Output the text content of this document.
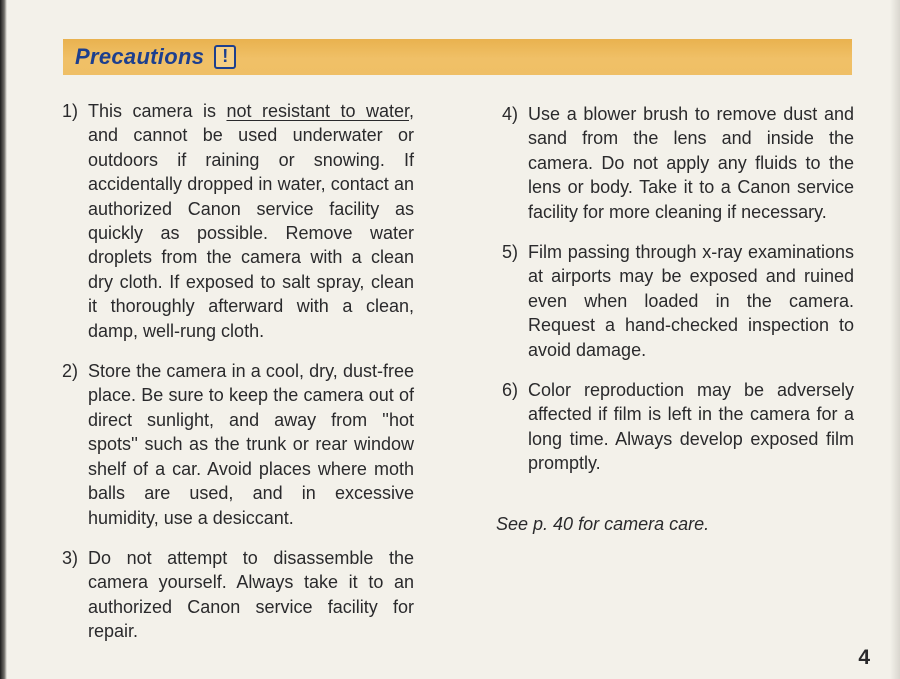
Precautions	!
1) This camera is not resistant to water, and cannot be used underwater or outdoors if raining or snowing. If accidentally dropped in water, contact an authorized Canon service facility as quickly as possible. Remove water droplets from the camera with a clean dry cloth. If exposed to salt spray, clean it thoroughly afterward with a clean, damp, well-rung cloth.
2) Store the camera in a cool, dry, dust-free place. Be sure to keep the camera out of direct sunlight, and away from ''hot spots'' such as the trunk or rear window shelf of a car. Avoid places where moth balls are used, and in excessive humidity, use a desiccant.
3) Do not attempt to disassemble the camera yourself. Always take it to an authorized Canon service facility for repair.
4) Use a blower brush to remove dust and sand from the lens and inside the camera. Do not apply any fluids to the lens or body. Take it to a Canon service facility for more cleaning if necessary.
5) Film passing through x-ray examinations at airports may be exposed and ruined even when loaded in the camera. Request a hand-checked inspection to avoid damage.
6) Color reproduction may be adversely affected if film is left in the camera for a long time. Always develop exposed film promptly.
See p. 40 for camera care.
4
